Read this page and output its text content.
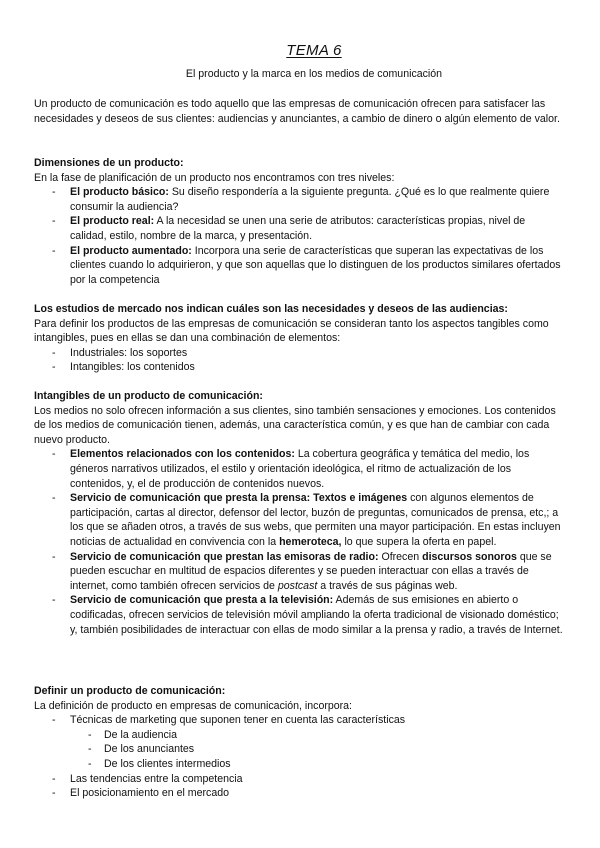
TEMA 6
El producto y la marca en los medios de comunicación

Un producto de comunicación es todo aquello que las empresas de comunicación ofrecen para satisfacer las necesidades y deseos de sus clientes: audiencias y anunciantes, a cambio de dinero o algún elemento de valor.

Dimensiones de un producto:

En la fase de planificación de un producto nos encontramos con tres niveles:

- El producto básico: Su diseño respondería a la siguiente pregunta. ¿Qué es lo que realmente quiere consumir la audiencia?
- El producto real: A la necesidad se unen una serie de atributos: características propias, nivel de calidad, estilo, nombre de la marca, y presentación.
- El producto aumentado: Incorpora una serie de características que superan las expectativas de los clientes cuando lo adquirieron, y que son aquellas que lo distinguen de los productos similares ofertados por la competencia

Los estudios de mercado nos indican cuáles son las necesidades y deseos de las audiencias:

Para definir los productos de las empresas de comunicación se consideran tanto los aspectos tangibles como intangibles, pues en ellas se dan una combinación de elementos:

- Industriales: los soportes
- Intangibles: los contenidos

Intangibles de un producto de comunicación:

Los medios no solo ofrecen información a sus clientes, sino también sensaciones y emociones. Los contenidos de los medios de comunicación tienen, además, una característica común, y es que han de cambiar con cada nuevo producto.

- Elementos relacionados con los contenidos: La cobertura geográfica y temática del medio, los géneros narrativos utilizados, el estilo y orientación ideológica, el ritmo de actualización de los contenidos, y, el de producción de contenidos nuevos.
- Servicio de comunicación que presta la prensa: Textos e imágenes con algunos elementos de participación, cartas al director, defensor del lector, buzón de preguntas, comunicados de prensa, etc,; a los que se añaden otros, a través de sus webs, que permiten una mayor participación. En estas incluyen noticias de actualidad en convivencia con la hemeroteca, lo que supera la oferta en papel.
- Servicio de comunicación que prestan las emisoras de radio: Ofrecen discursos sonoros que se pueden escuchar en multitud de espacios diferentes y se pueden interactuar con ellas a través de internet, como también ofrecen servicios de postcast a través de sus páginas web.
- Servicio de comunicación que presta a la televisión: Además de sus emisiones en abierto o codificadas, ofrecen servicios de televisión móvil ampliando la oferta tradicional de visionado doméstico; y, también posibilidades de interactuar con ellas de modo similar a la prensa y radio, a través de Internet.

Definir un producto de comunicación:

La definición de producto en empresas de comunicación, incorpora:

- Técnicas de marketing que suponen tener en cuenta las características
- De la audiencia
- De los anunciantes
- De los clientes intermedios
- Las tendencias entre la competencia
- El posicionamiento en el mercado
